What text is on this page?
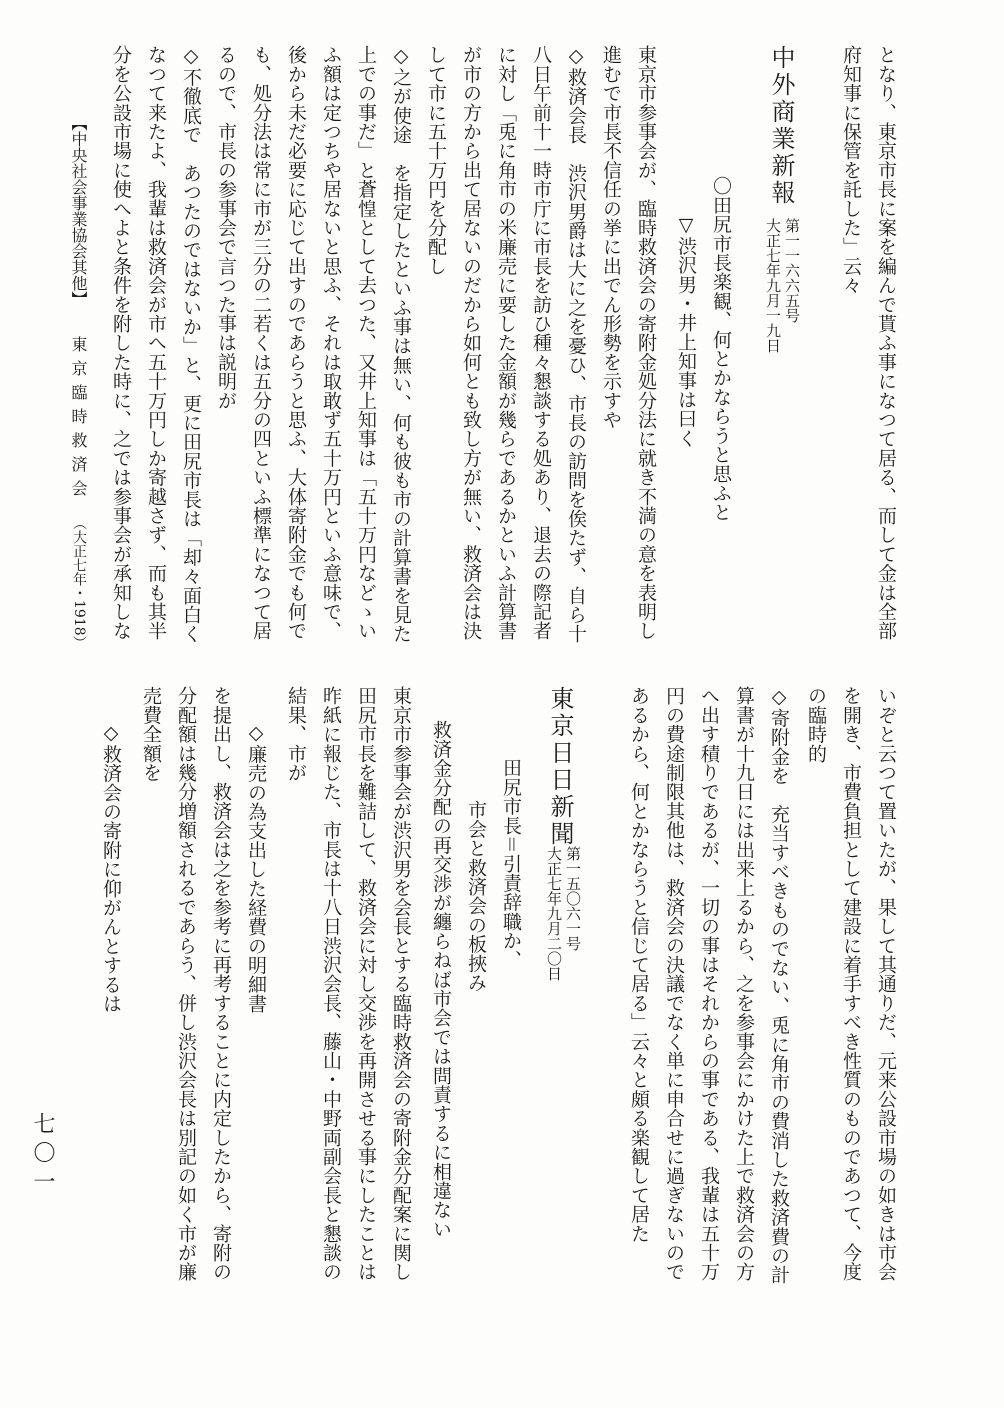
となり、東京市長に案を編んで貰ふ事になつて居る、而して金は全部
府知事に保管を託した」云々
中外商業新報
第一一六六五号
大正七年九月一九日
〇田尻市長楽観、何とかならうと思ふと
▽渋沢男・井上知事は曰く
東京市参事会が、臨時救済会の寄附金処分法に就き不満の意を表明し
進むで市長不信任の挙に出でん形勢を示すや
◇救済会長　渋沢男爵は大に之を憂ひ、市長の訪問を俟たず、自ら十
八日午前十一時市庁に市長を訪ひ種々懇談する処あり、退去の際記者
に対し「兎に角市の米廉売に要した金額が幾らであるかといふ計算書
が市の方から出て居ないのだから如何とも致し方が無い、救済会は決
して市に五十万円を分配し
◇之が使途　を指定したといふ事は無い、何も彼も市の計算書を見た
上での事だ」と蒼惶として去つた、又井上知事は「五十万円などゝい
ふ額は定つちや居ないと思ふ、それは取敢ず五十万円といふ意味で、
後から未だ必要に応じて出すのであらうと思ふ、大体寄附金でも何で
も、処分法は常に市が三分の二若くは五分の四といふ標準になつて居
るので、市長の参事会で言つた事は説明が
◇不徹底で　あつたのではないか」と、更に田尻市長は「却々面白く
なつて来たよ、我輩は救済会が市へ五十万円しか寄越さず、而も其半
分を公設市場に使へよと条件を附した時に、之では参事会が承知しな
【中央社会事業協会其他】
東京臨時救済会
（大正七年・1918）
いぞと云つて置いたが、果して其通りだ、元来公設市場の如きは市会
を開き、市費負担として建設に着手すべき性質のものであつて、今度
の臨時的
◇寄附金を　充当すべきものでない、兎に角市の費消した救済費の計
算書が十九日には出来上るから、之を参事会にかけた上で救済会の方
へ出す積りであるが、一切の事はそれからの事である、我輩は五十万
円の費途制限其他は、救済会の決議でなく単に申合せに過ぎないので
あるから、何とかならうと信じて居る」云々と頗る楽観して居た
東京日日新聞
第一五〇六一号
大正七年九月二〇日
田尻市長＝引責辞職か、
市会と救済会の板挾み
救済金分配の再交渉が纏らねば市会では問責するに相違ない
東京市参事会が渋沢男を会長とする臨時救済会の寄附金分配案に関し
田尻市長を難詰して、救済会に対し交渉を再開させる事にしたことは
昨紙に報じた、市長は十八日渋沢会長、藤山・中野両副会長と懇談の
結果、市が
◇廉売の為支出した経費の明細書
を提出し、救済会は之を参考に再考することに内定したから、寄附の
分配額は幾分増額されるであらう、併し渋沢会長は別記の如く市が廉
売費全額を
◇救済会の寄附に仰がんとするは
七〇一
